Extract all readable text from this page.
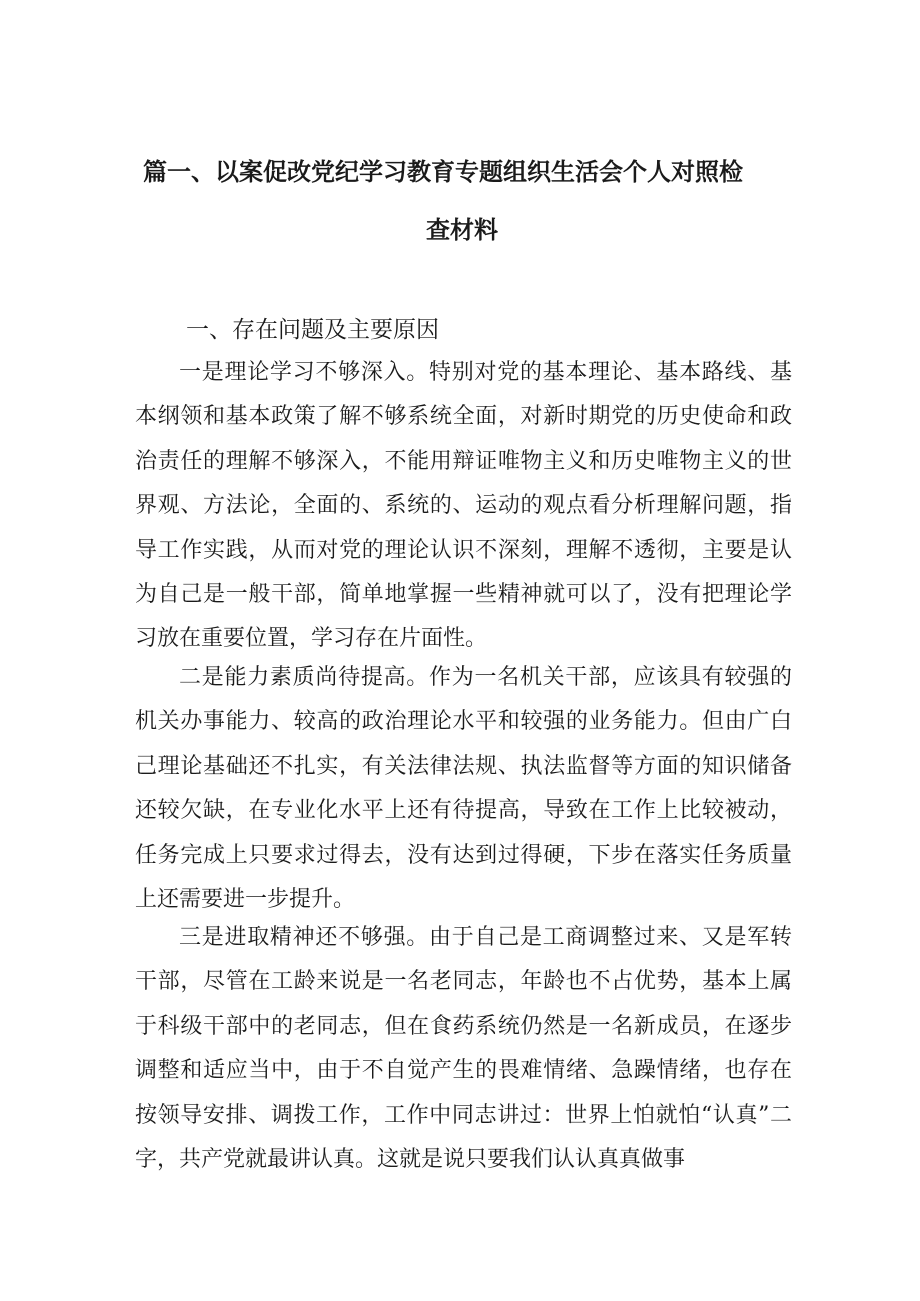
篇一、以案促改党纪学习教育专题组织生活会个人对照检
查材料
一、存在问题及主要原因

一是理论学习不够深入。特别对党的基本理论、基本路线、基本纲领和基本政策了解不够系统全面，对新时期党的历史使命和政治责任的理解不够深入，不能用辩证唯物主义和历史唯物主义的世界观、方法论，全面的、系统的、运动的观点看分析理解问题，指导工作实践，从而对党的理论认识不深刻，理解不透彻，主要是认为自己是一般干部，简单地掌握一些精神就可以了，没有把理论学习放在重要位置，学习存在片面性。

二是能力素质尚待提高。作为一名机关干部，应该具有较强的机关办事能力、较高的政治理论水平和较强的业务能力。但由广白己理论基础还不扎实，有关法律法规、执法监督等方面的知识储备还较欠缺，在专业化水平上还有待提高，导致在工作上比较被动，任务完成上只要求过得去，没有达到过得硬，下步在落实任务质量上还需要进一步提升。

三是进取精神还不够强。由于自己是工商调整过来、又是军转干部，尽管在工龄来说是一名老同志，年龄也不占优势，基本上属于科级干部中的老同志，但在食药系统仍然是一名新成员，在逐步调整和适应当中，由于不自觉产生的畏难情绪、急躁情绪，也存在按领导安排、调拨工作，工作中同志讲过：世界上怕就怕“认真”二字，共产党就最讲认真。这就是说只要我们认认真真做事
